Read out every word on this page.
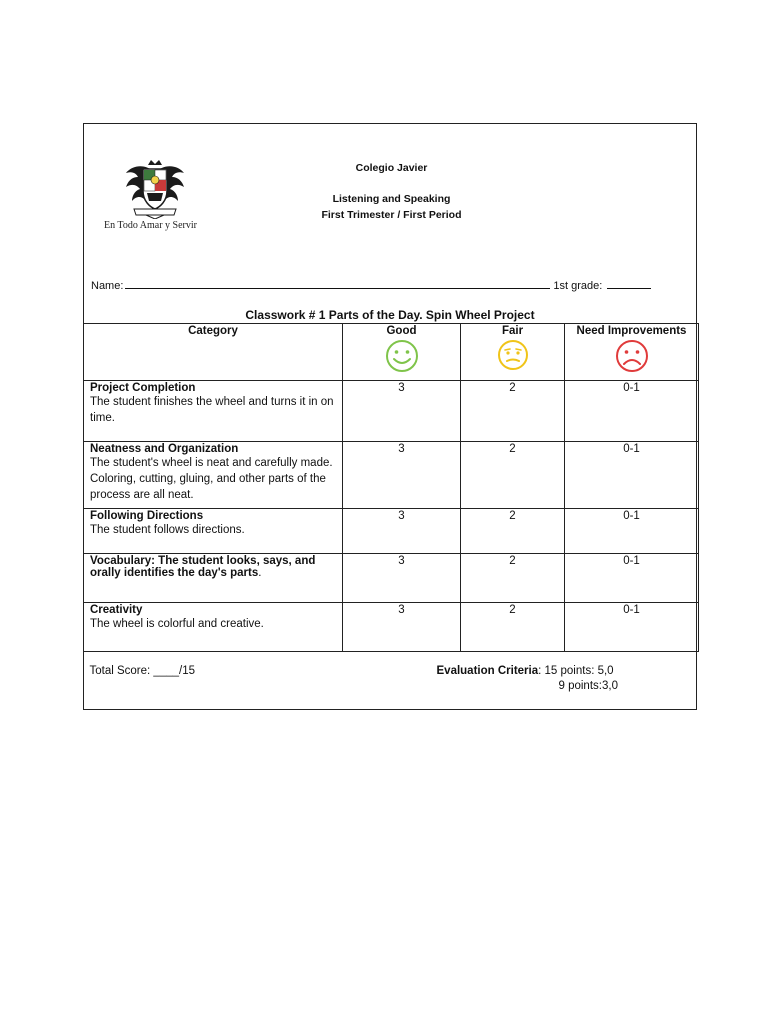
En Todo Amar y Servir
Colegio Javier
Listening and Speaking
First Trimester / First Period
Name:	1st grade:
Classwork # 1 Parts of the Day. Spin Wheel Project
Category	Good	Fair	Need Improvements

Project Completion
The student finishes the wheel and turns it in on time.	3	2	0-1

Neatness and Organization
The student's wheel is neat and carefully made. Coloring, cutting, gluing, and other parts of the process are all neat.	3	2	0-1

Following Directions
The student follows directions.	3	2	0-1
Vocabulary: The student looks, says, and orally identifies the day's parts.	3	2	0-1

Creativity
The wheel is colorful and creative.	3	2	0-1

Total Score: ____/15 Evaluation Criteria: 15 points: 5,0
9 points:3,0			
